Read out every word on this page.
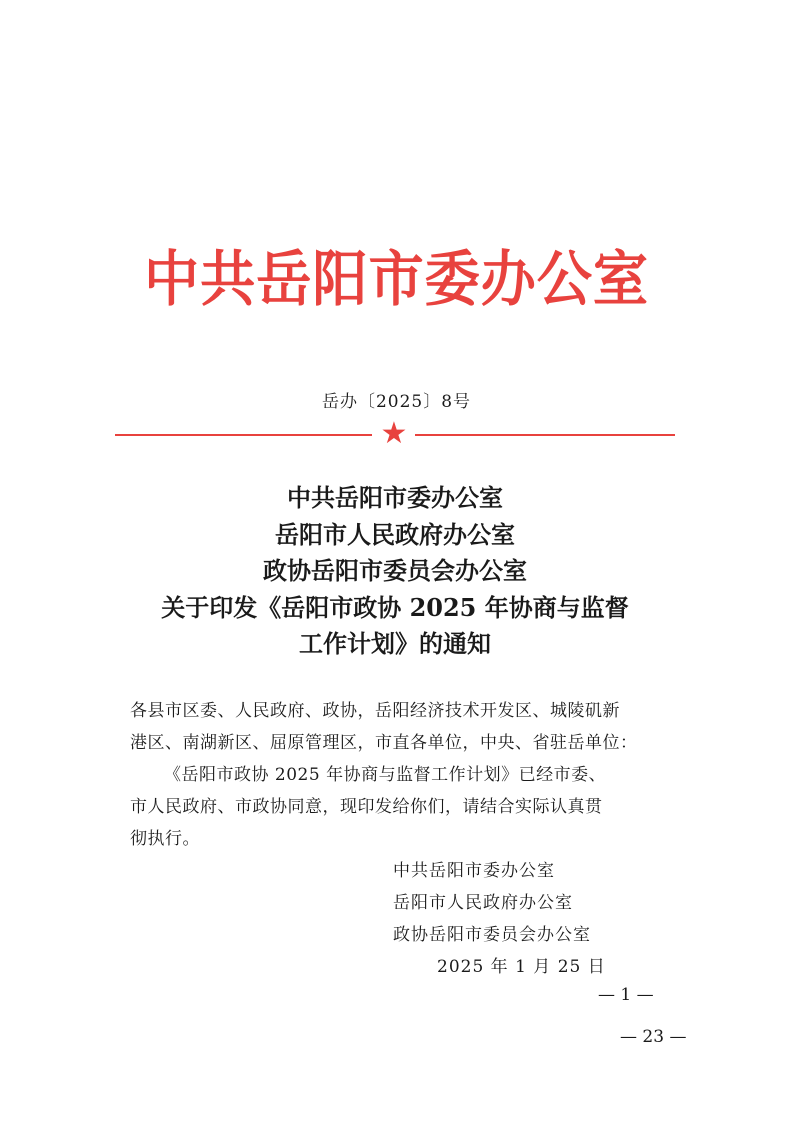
中共岳阳市委办公室
岳办〔2025〕8号
★
中共岳阳市委办公室
岳阳市人民政府办公室
政协岳阳市委员会办公室
关于印发《岳阳市政协 2025 年协商与监督
工作计划》的通知

各县市区委、人民政府、政协，岳阳经济技术开发区、城陵矶新

港区、南湖新区、屈原管理区，市直各单位，中央、省驻岳单位：

《岳阳市政协 2025 年协商与监督工作计划》已经市委、

市人民政府、市政协同意，现印发给你们，请结合实际认真贯

彻执行。

中共岳阳市委办公室
岳阳市人民政府办公室
政协岳阳市委员会办公室
2025 年 1 月 25 日
— 1 —
— 23 —
